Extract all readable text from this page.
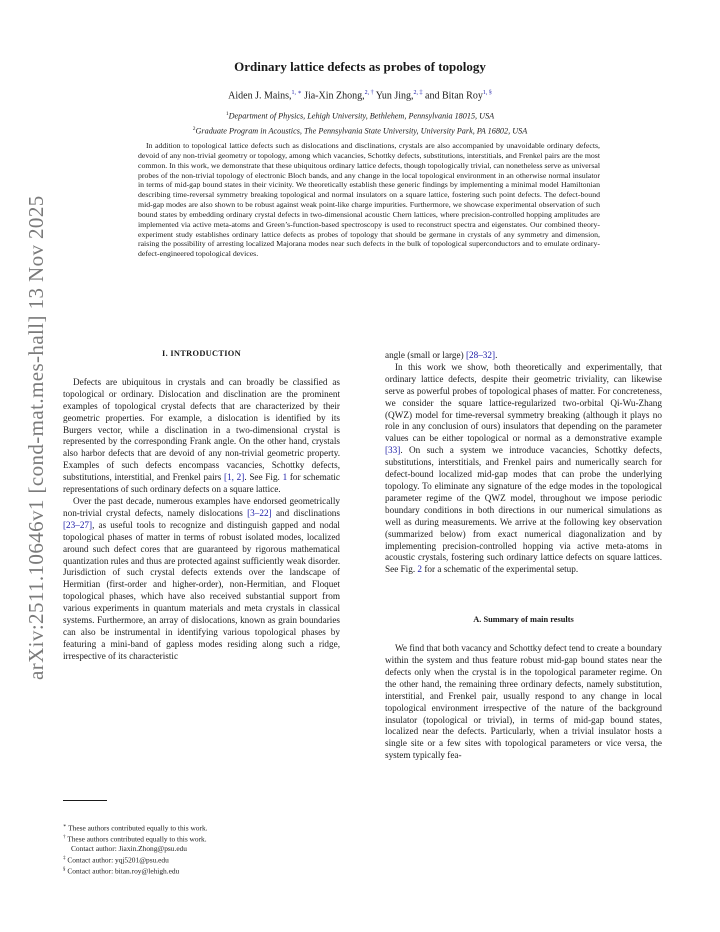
arXiv:2511.10646v1 [cond-mat.mes-hall] 13 Nov 2025
Ordinary lattice defects as probes of topology
Aiden J. Mains,$^{1, ∗}$ Jia-Xin Zhong,$^{2, \dagger}$ Yun Jing,$^{2, \ddagger}$ and Bitan Roy$^{1, \S}$
$^1$Department of Physics, Lehigh University, Bethlehem, Pennsylvania 18015, USA
$^2$Graduate Program in Acoustics, The Pennsylvania State University, University Park, PA 16802, USA
In addition to topological lattice defects such as dislocations and disclinations, crystals are also accompanied by unavoidable ordinary defects, devoid of any non-trivial geometry or topology, among which vacancies, Schottky defects, substitutions, interstitials, and Frenkel pairs are the most common. In this work, we demonstrate that these ubiquitous ordinary lattice defects, though topologically trivial, can nonetheless serve as universal probes of the non-trivial topology of electronic Bloch bands, and any change in the local topological environment in an otherwise normal insulator in terms of mid-gap bound states in their vicinity. We theoretically establish these generic findings by implementing a minimal model Hamiltonian describing time-reversal symmetry breaking topological and normal insulators on a square lattice, fostering such point defects. The defect-bound mid-gap modes are also shown to be robust against weak point-like charge impurities. Furthermore, we showcase experimental observation of such bound states by embedding ordinary crystal defects in two-dimensional acoustic Chern lattices, where precision-controlled hopping amplitudes are implemented via active meta-atoms and Green’s-function-based spectroscopy is used to reconstruct spectra and eigenstates. Our combined theory-experiment study establishes ordinary lattice defects as probes of topology that should be germane in crystals of any symmetry and dimension, raising the possibility of arresting localized Majorana modes near such defects in the bulk of topological superconductors and to emulate ordinary-defect-engineered topological devices.
I. INTRODUCTION

Defects are ubiquitous in crystals and can broadly be classified as topological or ordinary. Dislocation and disclination are the prominent examples of topological crystal defects that are characterized by their geometric properties. For example, a dislocation is identified by its Burgers vector, while a disclination in a two-dimensional crystal is represented by the corresponding Frank angle. On the other hand, crystals also harbor defects that are devoid of any non-trivial geometric property. Examples of such defects encompass vacancies, Schottky defects, substitutions, interstitial, and Frenkel pairs [1, 2]. See Fig. 1 for schematic representations of such ordinary defects on a square lattice.

Over the past decade, numerous examples have endorsed geometrically non-trivial crystal defects, namely dislocations [3–22] and disclinations [23–27], as useful tools to recognize and distinguish gapped and nodal topological phases of matter in terms of robust isolated modes, localized around such defect cores that are guaranteed by rigorous mathematical quantization rules and thus are protected against sufficiently weak disorder. Jurisdiction of such crystal defects extends over the landscape of Hermitian (first-order and higher-order), non-Hermitian, and Floquet topological phases, which have also received substantial support from various experiments in quantum materials and meta crystals in classical systems. Furthermore, an array of dislocations, known as grain boundaries can also be instrumental in identifying various topological phases by featuring a mini-band of gapless modes residing along such a ridge, irrespective of its characteristic

angle (small or large) [28–32].

In this work we show, both theoretically and experimentally, that ordinary lattice defects, despite their geometric triviality, can likewise serve as powerful probes of topological phases of matter. For concreteness, we consider the square lattice-regularized two-orbital Qi-Wu-Zhang (QWZ) model for time-reversal symmetry breaking (although it plays no role in any conclusion of ours) insulators that depending on the parameter values can be either topological or normal as a demonstrative example [33]. On such a system we introduce vacancies, Schottky defects, substitutions, interstitials, and Frenkel pairs and numerically search for defect-bound localized mid-gap modes that can probe the underlying topology. To eliminate any signature of the edge modes in the topological parameter regime of the QWZ model, throughout we impose periodic boundary conditions in both directions in our numerical simulations as well as during measurements. We arrive at the following key observation (summarized below) from exact numerical diagonalization and by implementing precision-controlled hopping via active meta-atoms in acoustic crystals, fostering such ordinary lattice defects on square lattices. See Fig. 2 for a schematic of the experimental setup.

A. Summary of main results

We find that both vacancy and Schottky defect tend to create a boundary within the system and thus feature robust mid-gap bound states near the defects only when the crystal is in the topological parameter regime. On the other hand, the remaining three ordinary defects, namely substitution, interstitial, and Frenkel pair, usually respond to any change in local topological environment irrespective of the nature of the background insulator (topological or trivial), in terms of mid-gap bound states, localized near the defects. Particularly, when a trivial insulator hosts a single site or a few sites with topological parameters or vice versa, the system typically fea-

∗ These authors contributed equally to this work.
† These authors contributed equally to this work.
Contact author: Jiaxin.Zhong@psu.edu
‡ Contact author: yqj5201@psu.edu
§ Contact author: bitan.roy@lehigh.edu
